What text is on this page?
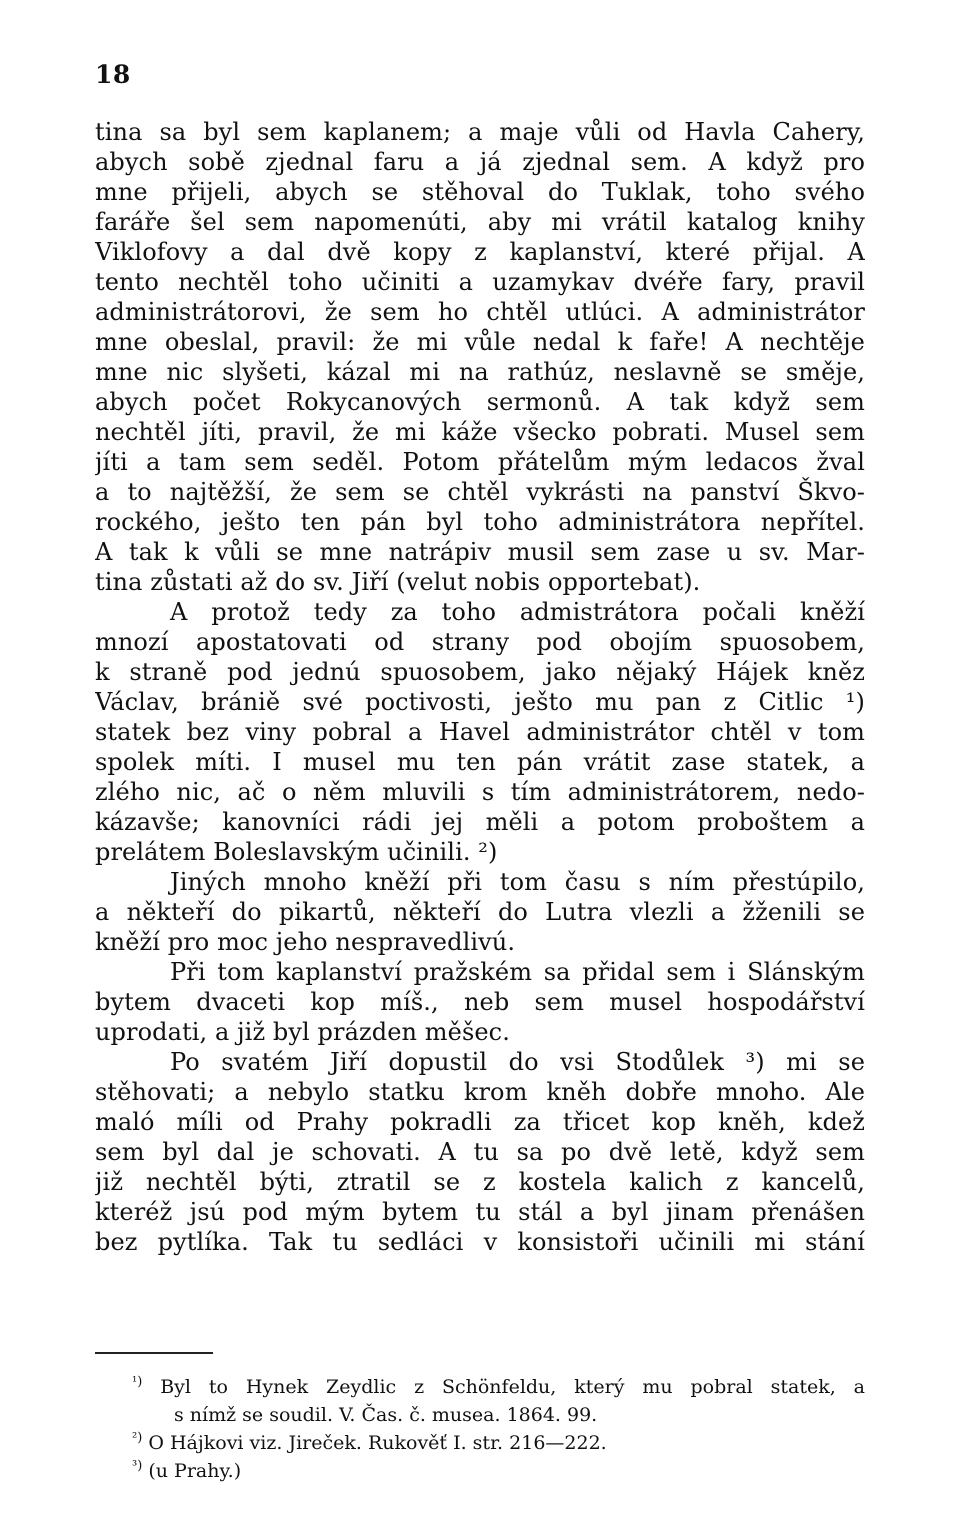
18
tina sa byl sem kaplanem; a maje vůli od Havla Cahery,
abych sobě zjednal faru a já zjednal sem. A když pro
mne přijeli, abych se stěhoval do Tuklak, toho svého
faráře šel sem napomenúti, aby mi vrátil katalog knihy
Viklofovy a dal dvě kopy z kaplanství, které přijal. A
tento nechtěl toho učiniti a uzamykav dvéře fary, pravil
administrátorovi, že sem ho chtěl utlúci. A administrátor
mne obeslal, pravil: že mi vůle nedal k faře! A nechtěje
mne nic slyšeti, kázal mi na rathúz, neslavně se směje,
abych počet Rokycanových sermonů. A tak když sem
nechtěl jíti, pravil, že mi káže všecko pobrati. Musel sem
jíti a tam sem seděl. Potom přátelům mým ledacos žval
a to najtěžší, že sem se chtěl vykrásti na panství Škvo-
rockého, ješto ten pán byl toho administrátora nepřítel.
A tak k vůli se mne natrápiv musil sem zase u sv. Mar-
tina zůstati až do sv. Jiří (velut nobis opportebat).
A protož tedy za toho admistrátora počali kněží
mnozí apostatovati od strany pod obojím spuosobem,
k straně pod jednú spuosobem, jako nějaký Hájek kněz
Václav, brániě své poctivosti, ješto mu pan z Citlic ¹)
statek bez viny pobral a Havel administrátor chtěl v tom
spolek míti. I musel mu ten pán vrátit zase statek, a
zlého nic, ač o něm mluvili s tím administrátorem, nedo-
kázavše; kanovníci rádi jej měli a potom proboštem a
prelátem Boleslavským učinili. ²)
Jiných mnoho kněží při tom času s ním přestúpilo,
a někteří do pikartů, někteří do Lutra vlezli a žženili se
kněží pro moc jeho nespravedlivú.
Při tom kaplanství pražském sa přidal sem i Slánským
bytem dvaceti kop míš., neb sem musel hospodářství
uprodati, a již byl prázden měšec.
Po svatém Jiří dopustil do vsi Stodůlek ³) mi se
stěhovati; a nebylo statku krom kněh dobře mnoho. Ale
maló míli od Prahy pokradli za třicet kop kněh, kdež
sem byl dal je schovati. A tu sa po dvě letě, když sem
již nechtěl býti, ztratil se z kostela kalich z kancelů,
kteréž jsú pod mým bytem tu stál a byl jinam přenášen
bez pytlíka. Tak tu sedláci v konsistoři učinili mi stání
$^{^1)}$ Byl to Hynek Zeydlic z Schönfeldu, který mu pobral statek, a
s nímž se soudil. V. Čas. č. musea. 1864. 99.
$^{^2)}$ O Hájkovi viz. Jireček. Rukověť I. str. 216—222.
$^{^3)}$ (u Prahy.)
